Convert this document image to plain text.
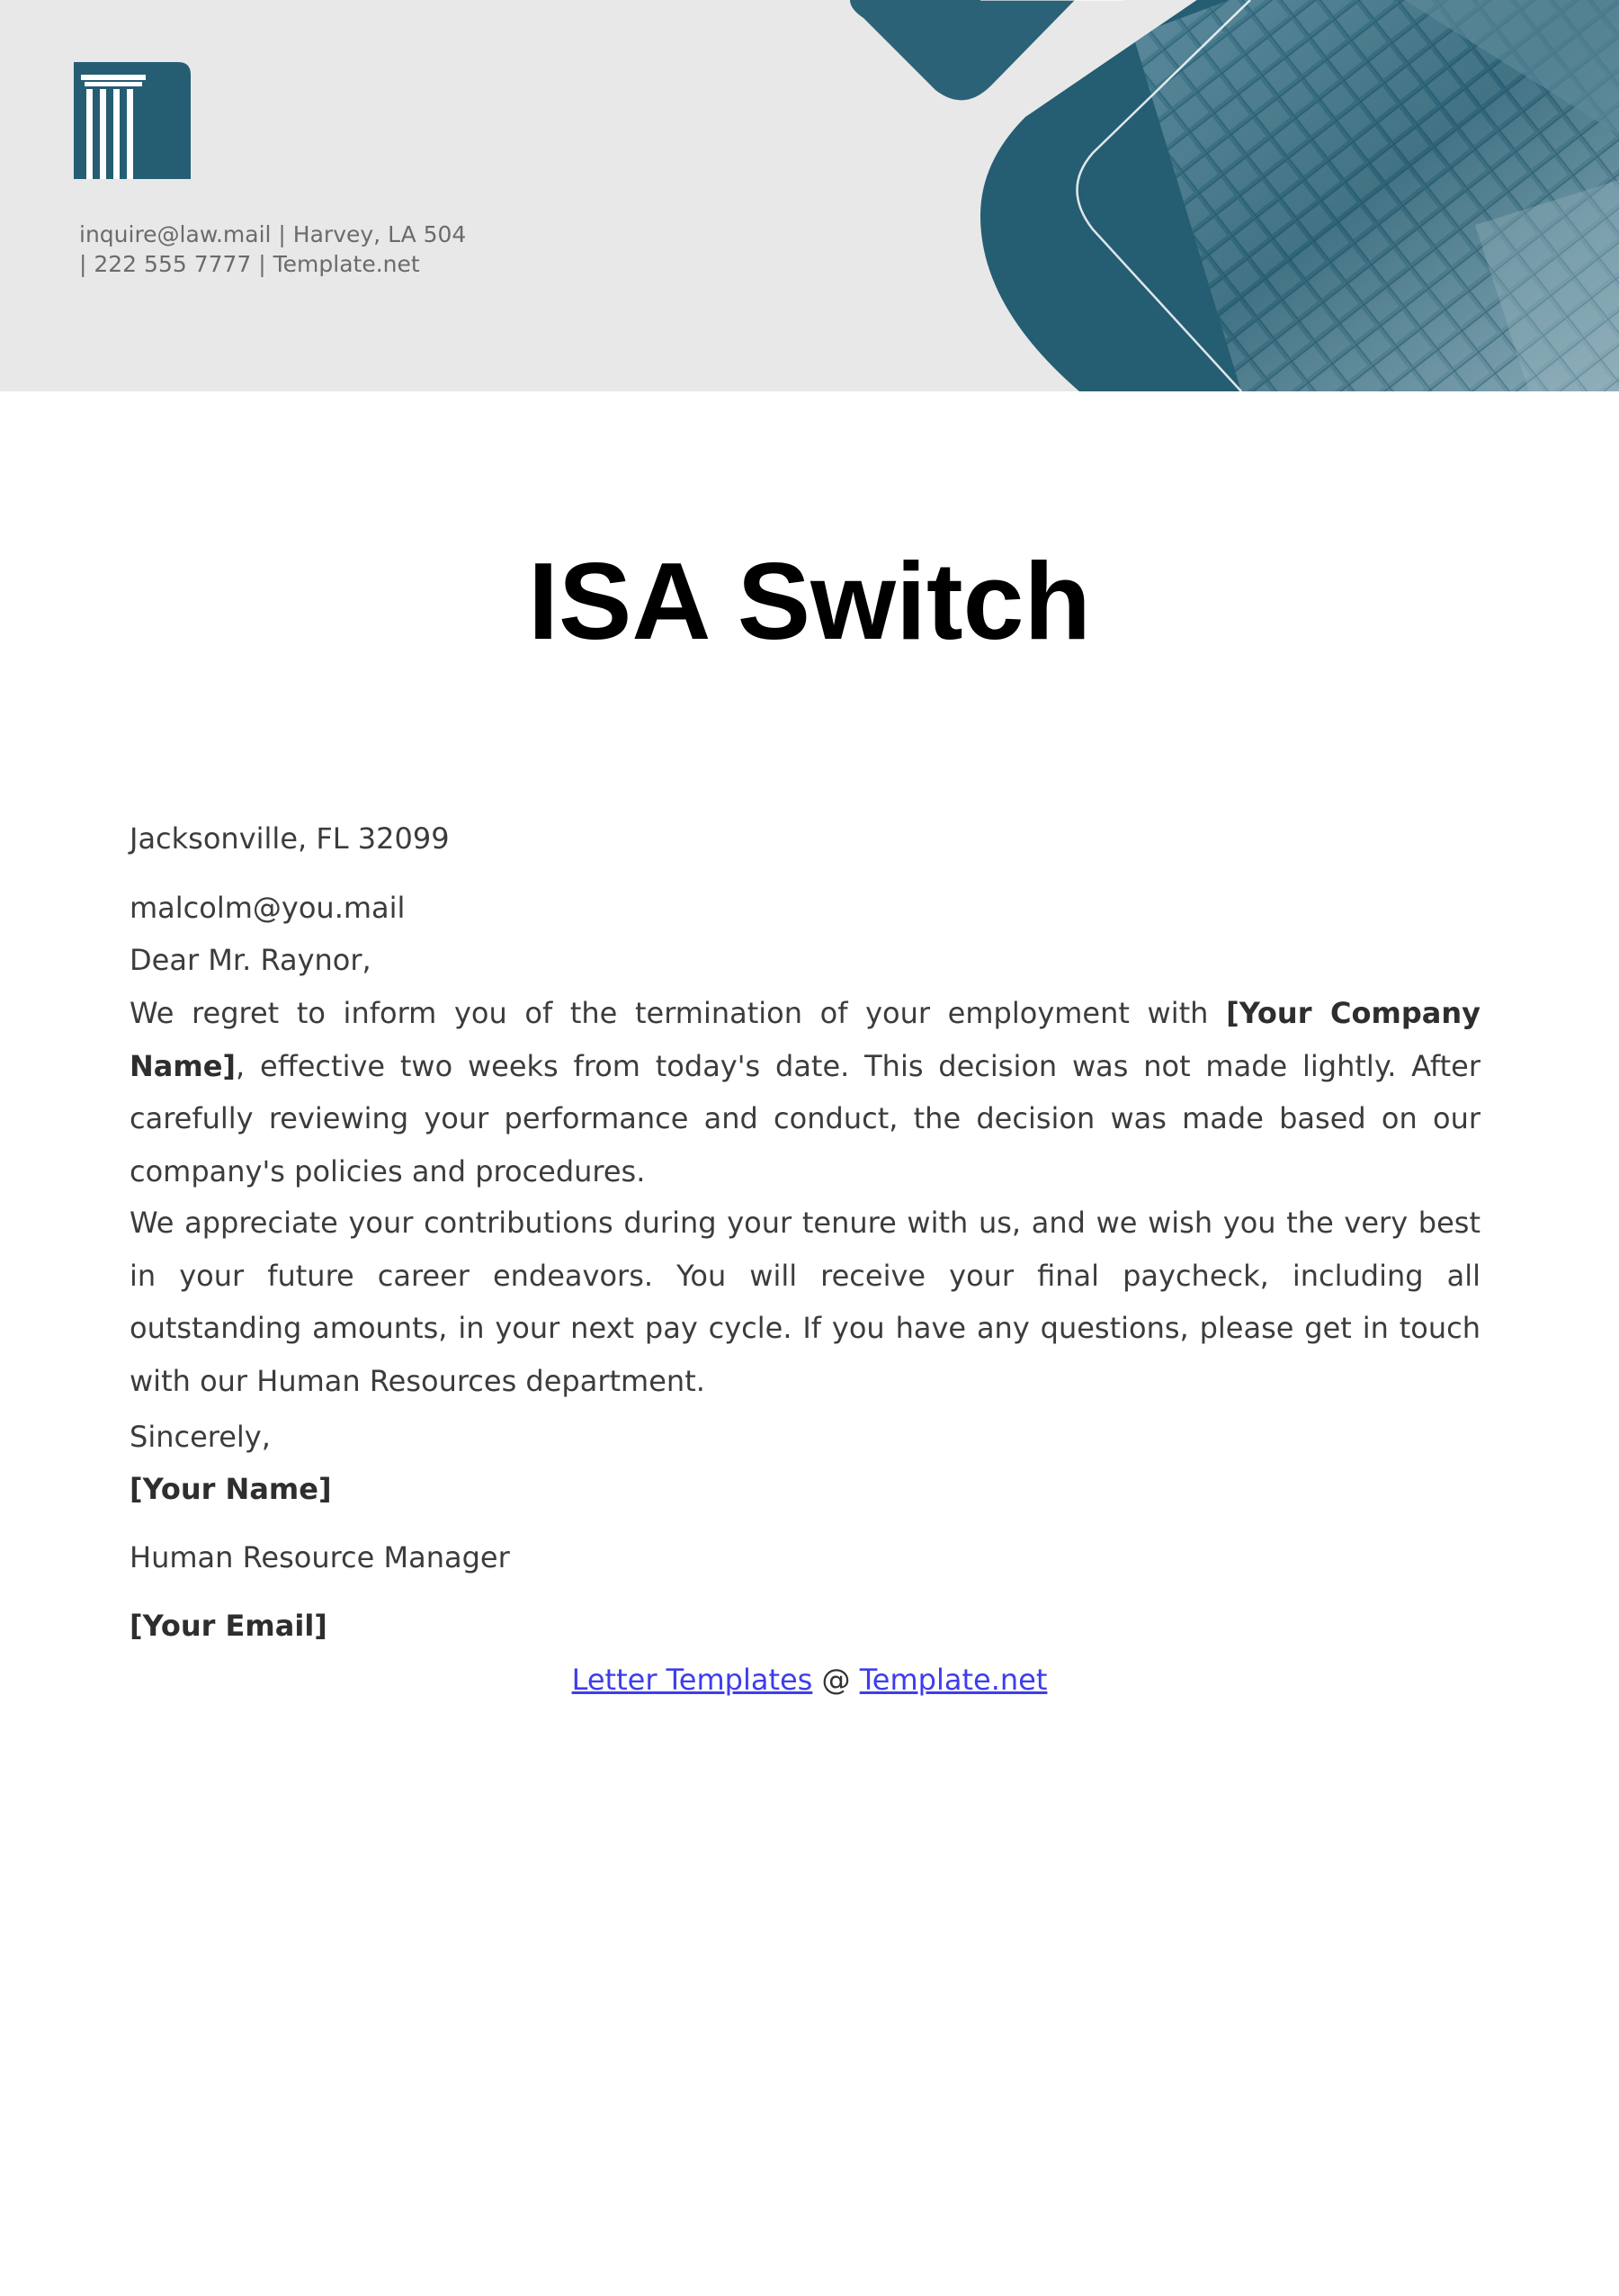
inquire@law.mail | Harvey, LA 504
| 222 555 7777 | Template.net
ISA Switch
Jacksonville, FL 32099
malcolm@you.mail
Dear Mr. Raynor,
We regret to inform you of the termination of your employment with [Your Company Name], effective two weeks from today's date. This decision was not made lightly. After carefully reviewing your performance and conduct, the decision was made based on our company's policies and procedures.
We appreciate your contributions during your tenure with us, and we wish you the very best in your future career endeavors. You will receive your final paycheck, including all outstanding amounts, in your next pay cycle. If you have any questions, please get in touch with our Human Resources department.
Sincerely,
[Your Name]
Human Resource Manager
[Your Email]
Letter Templates @ Template.net
